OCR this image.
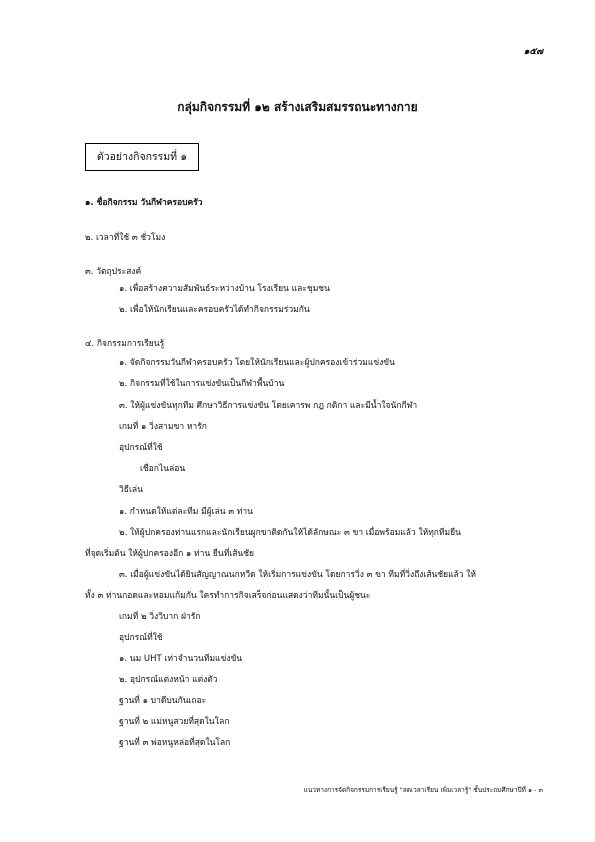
๑๕๗
กลุ่มกิจกรรมที่ ๑๒ สร้างเสริมสมรรถนะทางกาย
ตัวอย่างกิจกรรมที่ ๑
๑. ชื่อกิจกรรม วันกีฬาครอบครัว
๒. เวลาที่ใช้ ๓ ชั่วโมง
๓. วัตถุประสงค์
๑. เพื่อสร้างความสัมพันธ์ระหว่างบ้าน โรงเรียน และชุมชน
๒. เพื่อให้นักเรียนและครอบครัวได้ทำกิจกรรมร่วมกัน
๔. กิจกรรมการเรียนรู้
๑. จัดกิจกรรมวันกีฬาครอบครัว โดยให้นักเรียนและผู้ปกครองเข้าร่วมแข่งขัน
๒. กิจกรรมที่ใช้ในการแข่งขันเป็นกีฬาพื้นบ้าน
๓. ให้ผู้แข่งขันทุกทีม ศึกษาวิธีการแข่งขัน โดยเคารพ กฎ กติกา และมีน้ำใจนักกีฬา
เกมที่ ๑ วิ่งสามขา หารัก
อุปกรณ์ที่ใช้
เชือกไนล่อน
วิธีเล่น
๑. กำหนดให้แต่ละทีม มีผู้เล่น ๓ ท่าน
๒. ให้ผู้ปกครองท่านแรกและนักเรียนผูกขาติดกันให้ได้ลักษณะ ๓ ขา เมื่อพร้อมแล้ว ให้ทุกทีมยืน
ที่จุดเริ่มต้น ให้ผู้ปกครองอีก ๑ ท่าน ยืนที่เส้นชัย
๓. เมื่อผู้แข่งขันได้ยินสัญญาณนกหวีด ให้เริ่มการแข่งขัน โดยการวิ่ง ๓ ขา ทีมที่วิ่งถึงเส้นชัยแล้ว ให้
ทั้ง ๓ ท่านกอดและหอมแก้มกัน ใครทำการกิจเสร็จก่อนแสดงว่าทีมนั้นเป็นผู้ชนะ
เกมที่ ๒ วิ่งวิบาก ฝ่ารัก
อุปกรณ์ที่ใช้
๑. นม UHT เท่าจำนวนทีมแข่งขัน
๒. อุปกรณ์แต่งหน้า แต่งตัว
ฐานที่ ๑ บาดีบนกันเถอะ
ฐานที่ ๒ แม่หนูสวยที่สุดในโลก
ฐานที่ ๓ พ่อหนูหล่อที่สุดในโลก
แนวทางการจัดกิจกรรมการเรียนรู้ "ลดเวลาเรียน เพิ่มเวลารู้" ชั้นประถมศึกษาปีที่ ๑ - ๓
